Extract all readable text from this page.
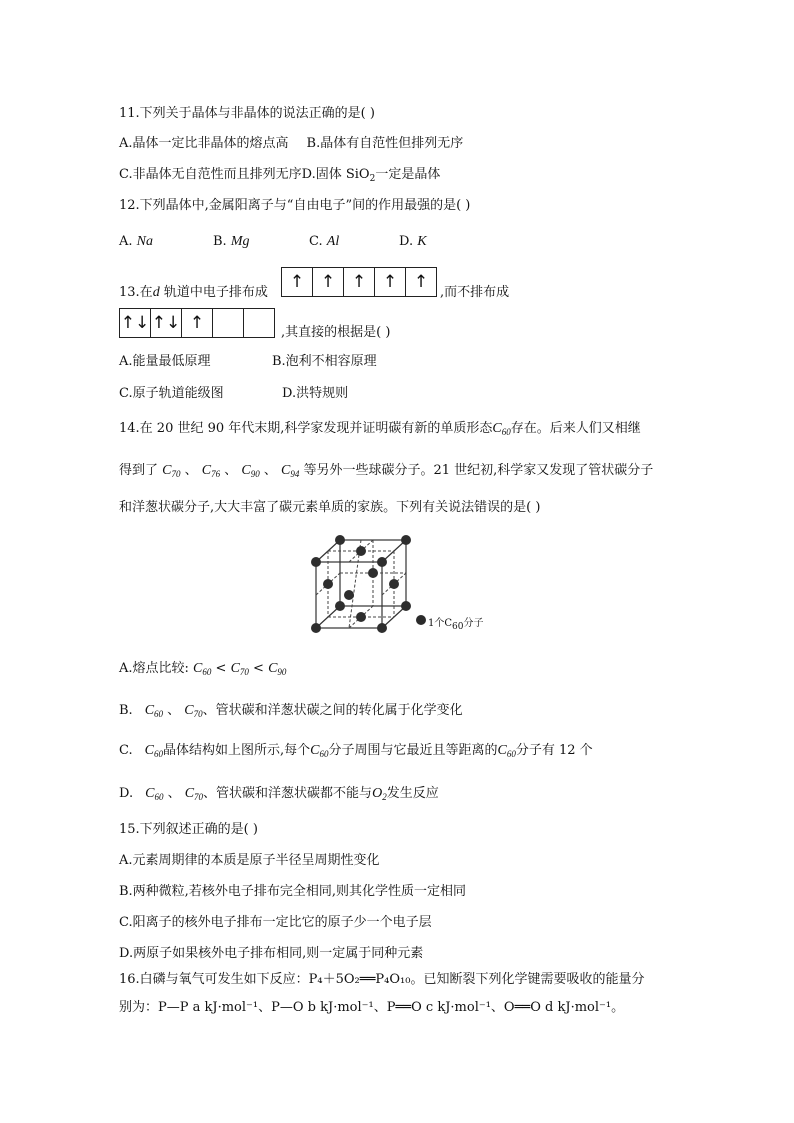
11.下列关于晶体与非晶体的说法正确的是( )
A.晶体一定比非晶体的熔点高 B.晶体有自范性但排列无序
C.非晶体无自范性而且排列无序D.固体 SiO$_2$一定是晶体
12.下列晶体中,金属阳离子与“自由电子”间的作用最强的是( )
A. Na	B. Mg	C. Al	D. K
13.在d 轨道中电子排布成
↑ ↑ ↑ ↑ ↑
,而不排布成
↑↓ ↑↓ ↑	,其直接的根据是( )
A.能量最低原理	B.泡利不相容原理
C.原子轨道能级图	D.洪特规则
14.在 20 世纪 90 年代末期,科学家发现并证明碳有新的单质形态$C_{60}$存在。后来人们又相继
得到了 $C_{70}$ 、 $C_{76}$ 、 $C_{90}$ 、 $C_{94}$ 等另外一些球碳分子。21 世纪初,科学家又发现了管状碳分子
和洋葱状碳分子,大大丰富了碳元素单质的家族。下列有关说法错误的是( )
1个$C_{60}$分子
A.熔点比较: $C_{60} < C_{70} < C_{90}$
B. $C_{60}$ 、 $C_{70}$、管状碳和洋葱状碳之间的转化属于化学变化
C. $C_{60}$晶体结构如上图所示,每个$C_{60}$分子周围与它最近且等距离的$C_{60}$分子有 12 个
D. $C_{60}$ 、 $C_{70}$、管状碳和洋葱状碳都不能与$O_2$发生反应
15.下列叙述正确的是( )
A.元素周期律的本质是原子半径呈周期性变化
B.两种微粒,若核外电子排布完全相同,则其化学性质一定相同
C.阳离子的核外电子排布一定比它的原子少一个电子层
D.两原子如果核外电子排布相同,则一定属于同种元素
16.白磷与氧气可发生如下反应：P₄＋5O₂══P₄O₁₀。已知断裂下列化学键需要吸收的能量分
别为：P—P a kJ·mol⁻¹、P—O b kJ·mol⁻¹、P══O c kJ·mol⁻¹、O══O d kJ·mol⁻¹。
